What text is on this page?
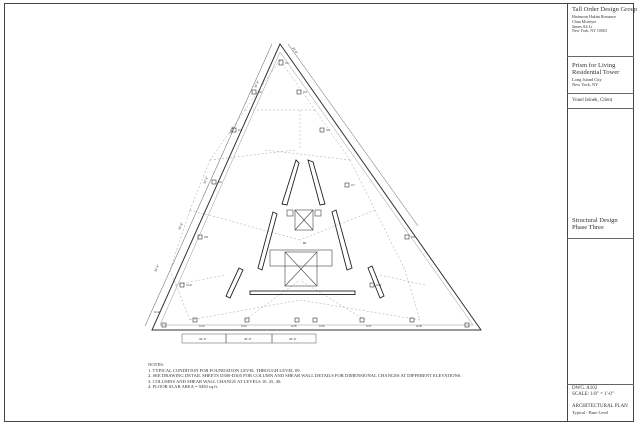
B1
C1
C2	C3
C4	C5
C6
C7
C8	C9
C10	C11
C12
C13	C14	C15	C16	C17	C18
34'-0"	34'-0"	34'-0"
33'-6"
33'-6"
33'-6"
33'-6"
33'-6"
33'-6"
Tall Order Design Group
Hatimoon Hakim Romance
Chun Mcintyre
James Ali Li
New York, NY 10003
Prism for Living
Residential Tower
Long Island City
New York, NY
Yonel Ieinek, Client
Structural Design
Phase Three
DWG. A102
SCALE: 1/8" = 1'-0"
ARCHITECTURAL PLAN
Typical - Base Level
NOTES:
1. TYPICAL CONDITION FOR FOUNDATION LEVEL THROUGH LEVEL 09.
2. SEE DRAWING DETAIL SHEETS D300-D305 FOR COLUMN AND SHEAR WALL DETAILS FOR DIMENSIONAL CHANGES AT DIFFERENT ELEVATIONS.
3. COLUMNS AND SHEAR WALL CHANGE AT LEVELS 10, 25, 40.
4. FLOOR SLAB AREA = 9450 sq.ft.
